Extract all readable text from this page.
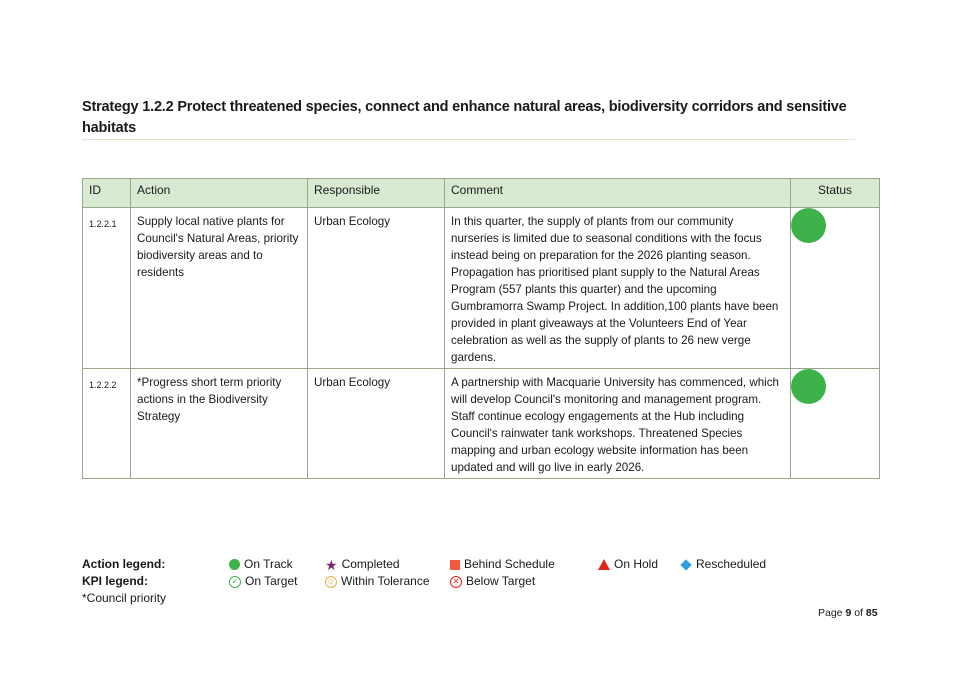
Strategy 1.2.2 Protect threatened species, connect and enhance natural areas, biodiversity corridors and sensitive habitats
ID	Action	Responsible	Comment	Status
1.2.2.1	Supply local native plants for Council's Natural Areas, priority biodiversity areas and to residents	Urban Ecology	In this quarter, the supply of plants from our community nurseries is limited due to seasonal conditions with the focus instead being on preparation for the 2026 planting season. Propagation has prioritised plant supply to the Natural Areas Program (557 plants this quarter) and the upcoming Gumbramorra Swamp Project. In addition,100 plants have been provided in plant giveaways at the Volunteers End of Year celebration as well as the supply of plants to 26 new verge gardens.	
1.2.2.2	*Progress short term priority actions in the Biodiversity Strategy	Urban Ecology	A partnership with Macquarie University has commenced, which will develop Council's monitoring and management program. Staff continue ecology engagements at the Hub including Council's rainwater tank workshops. Threatened Species mapping and urban ecology website information has been updated and will go live in early 2026.	
Action legend:	On Track ★ Completed	Behind Schedule	On Hold	Rescheduled
KPI legend:	✓ On Target	☺ Within Tolerance	✕ Below Target
*Council priority
Page 9 of 85
